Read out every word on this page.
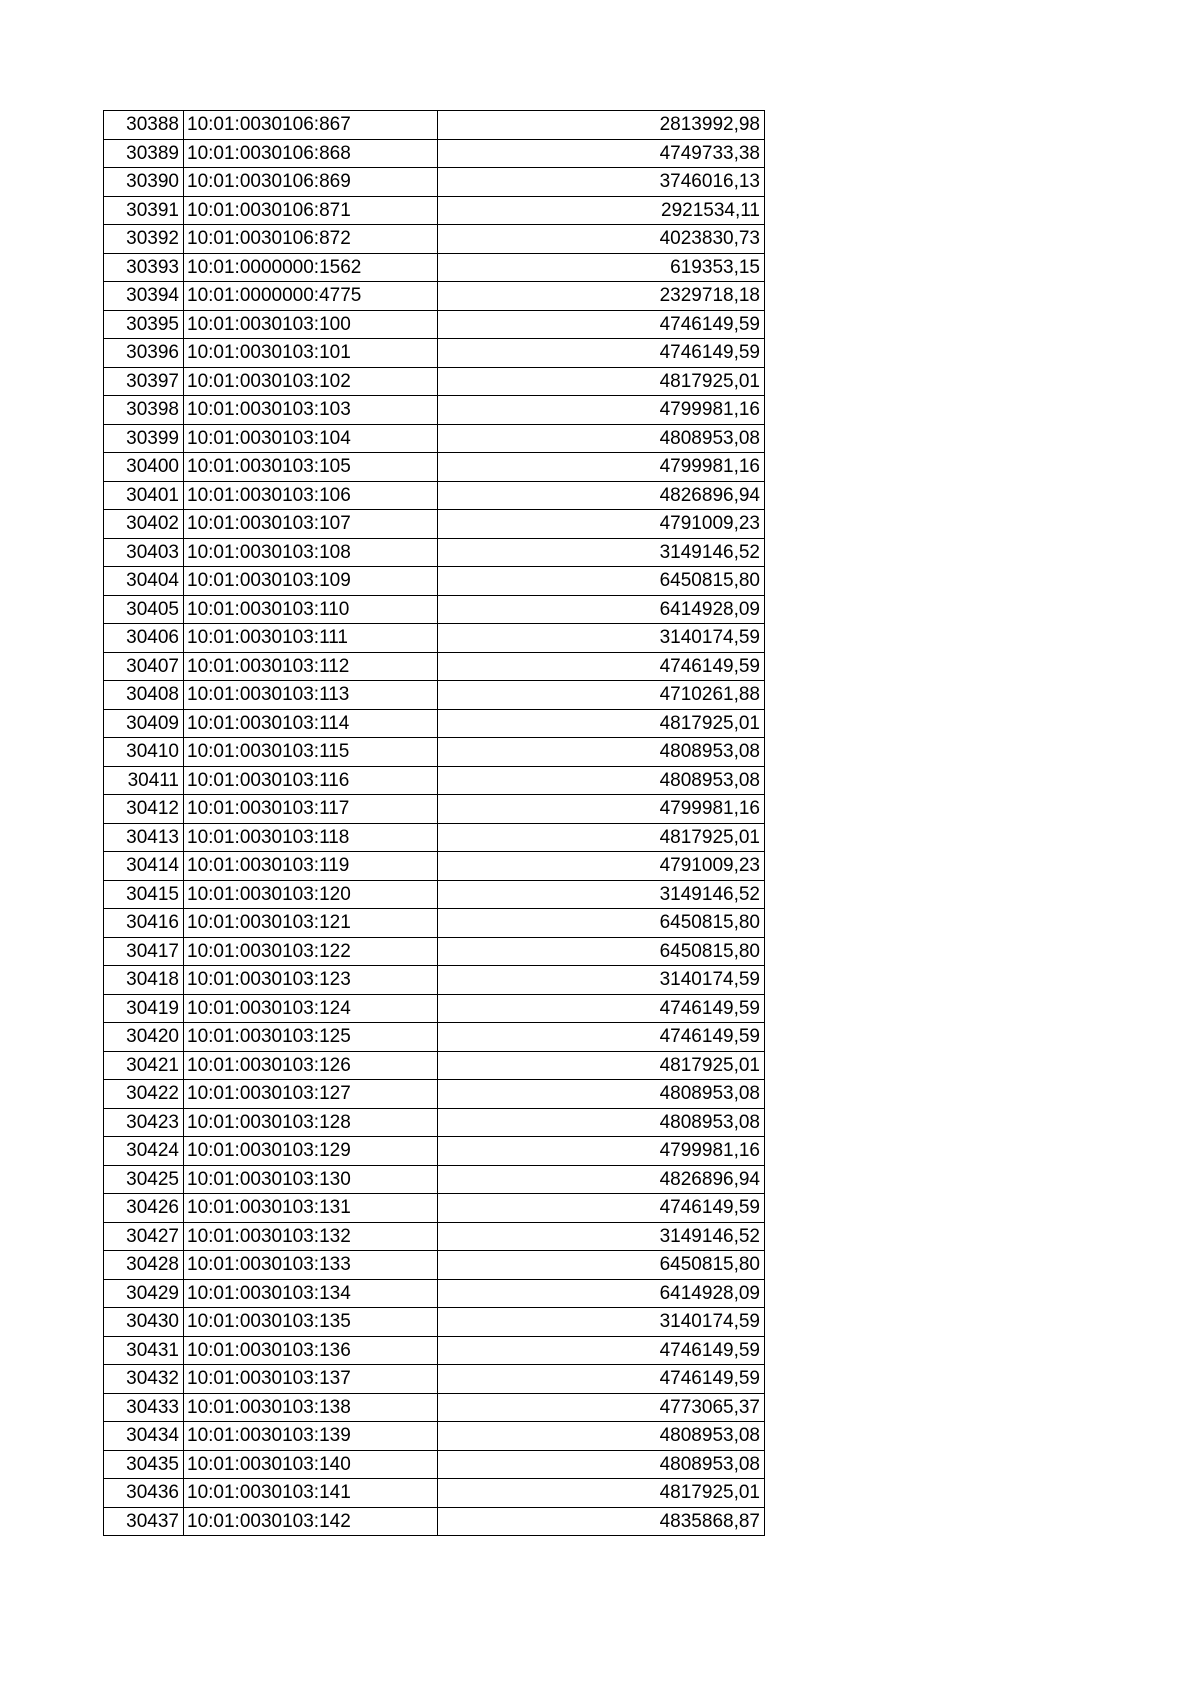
30388	10:01:0030106:867	2813992,98
30389	10:01:0030106:868	4749733,38
30390	10:01:0030106:869	3746016,13
30391	10:01:0030106:871	2921534,11
30392	10:01:0030106:872	4023830,73
30393	10:01:0000000:1562	619353,15
30394	10:01:0000000:4775	2329718,18
30395	10:01:0030103:100	4746149,59
30396	10:01:0030103:101	4746149,59
30397	10:01:0030103:102	4817925,01
30398	10:01:0030103:103	4799981,16
30399	10:01:0030103:104	4808953,08
30400	10:01:0030103:105	4799981,16
30401	10:01:0030103:106	4826896,94
30402	10:01:0030103:107	4791009,23
30403	10:01:0030103:108	3149146,52
30404	10:01:0030103:109	6450815,80
30405	10:01:0030103:110	6414928,09
30406	10:01:0030103:111	3140174,59
30407	10:01:0030103:112	4746149,59
30408	10:01:0030103:113	4710261,88
30409	10:01:0030103:114	4817925,01
30410	10:01:0030103:115	4808953,08
30411	10:01:0030103:116	4808953,08
30412	10:01:0030103:117	4799981,16
30413	10:01:0030103:118	4817925,01
30414	10:01:0030103:119	4791009,23
30415	10:01:0030103:120	3149146,52
30416	10:01:0030103:121	6450815,80
30417	10:01:0030103:122	6450815,80
30418	10:01:0030103:123	3140174,59
30419	10:01:0030103:124	4746149,59
30420	10:01:0030103:125	4746149,59
30421	10:01:0030103:126	4817925,01
30422	10:01:0030103:127	4808953,08
30423	10:01:0030103:128	4808953,08
30424	10:01:0030103:129	4799981,16
30425	10:01:0030103:130	4826896,94
30426	10:01:0030103:131	4746149,59
30427	10:01:0030103:132	3149146,52
30428	10:01:0030103:133	6450815,80
30429	10:01:0030103:134	6414928,09
30430	10:01:0030103:135	3140174,59
30431	10:01:0030103:136	4746149,59
30432	10:01:0030103:137	4746149,59
30433	10:01:0030103:138	4773065,37
30434	10:01:0030103:139	4808953,08
30435	10:01:0030103:140	4808953,08
30436	10:01:0030103:141	4817925,01
30437	10:01:0030103:142	4835868,87
